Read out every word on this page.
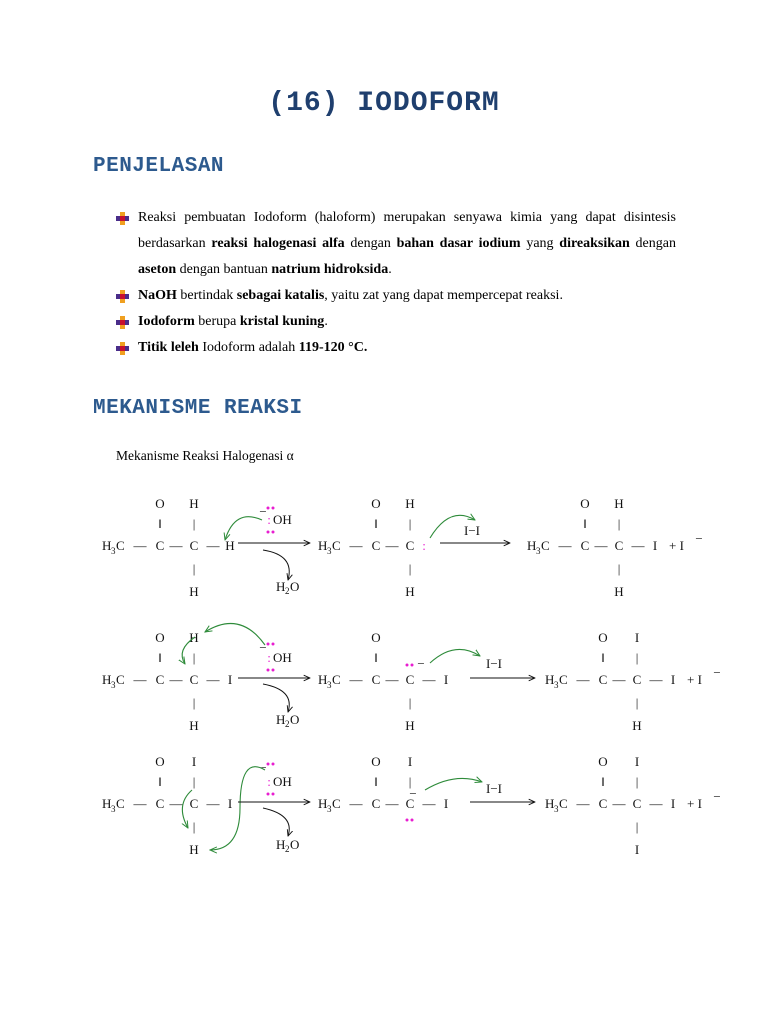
(16) IODOFORM
PENJELASAN
Reaksi pembuatan Iodoform (haloform) merupakan senyawa kimia yang dapat disintesis berdasarkan reaksi halogenasi alfa dengan bahan dasar iodium yang direaksikan dengan aseton dengan bantuan natrium hidroksida.
NaOH bertindak sebagai katalis, yaitu zat yang dapat mempercepat reaksi.
Iodoform berupa kristal kuning.
Titik leleh Iodoform adalah 119-120 °C.
MEKANISME REAKSI
Mekanisme Reaksi Halogenasi α
H 3 C — C — C
O
‖
H
|
— H
|
H
−
: OH
H 2 O
H 3 C — C — C
O
‖
H
|
:
|
H
I−I
H 3 C — C — C
O
‖
H
|
— I
|
H
+ I −
H 3 C — C — C
O
‖
H
|
— I
|
H
−
: OH
H 2 O
H 3 C — C — C
O
‖
— I
|
H
−	I−I
H 3 C — C — C
O
‖
I
|
— I
|
H
+ I −
H 3 C — C — C
O
‖
I
|
— I
|
H
−
: OH
H 2 O
H 3 C — C — C
O
‖
I
|
— I
−	I−I
H 3 C — C — C
O
‖
I
|
— I
|
I
+ I −
